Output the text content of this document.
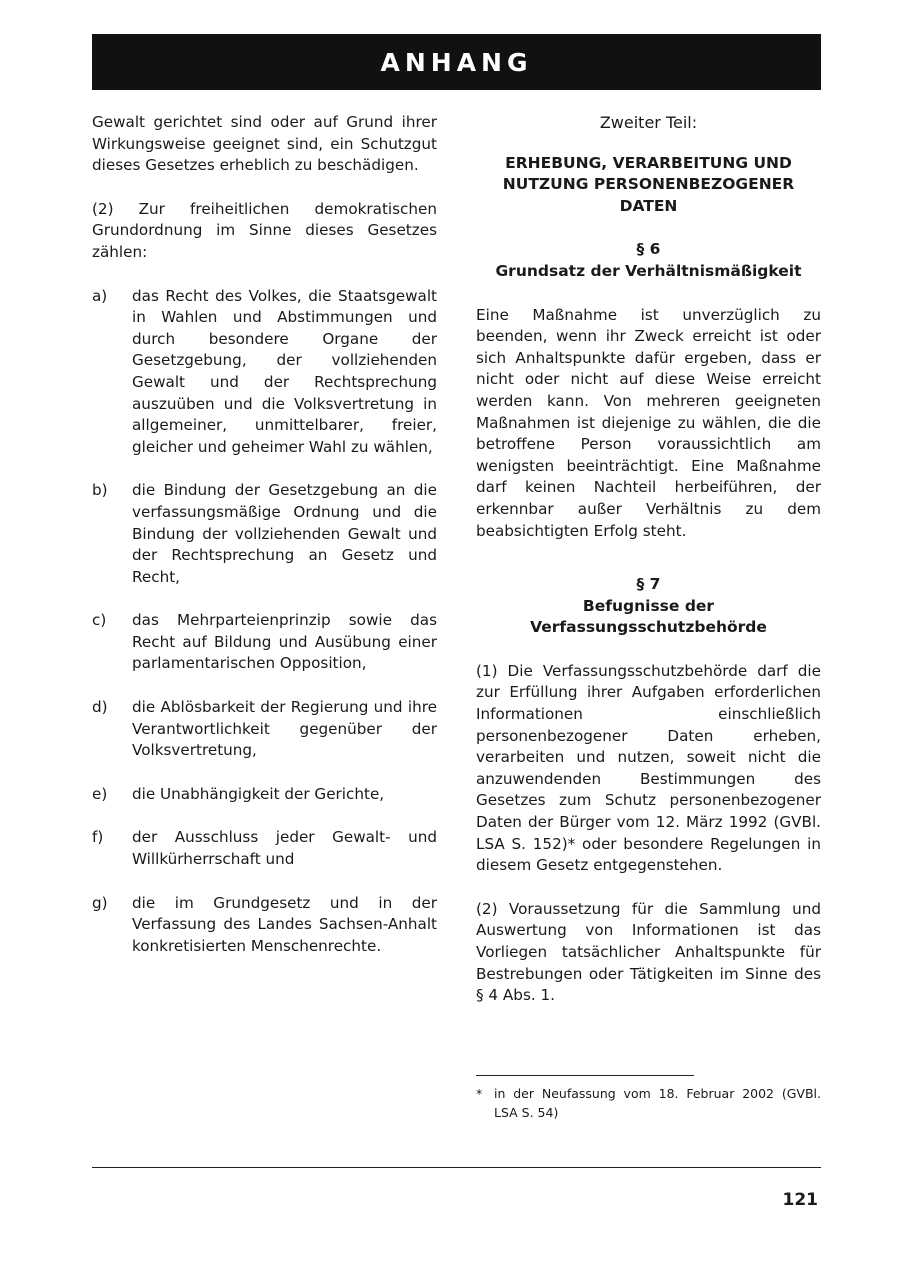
ANHANG

Gewalt gerichtet sind oder auf Grund ihrer Wirkungsweise geeignet sind, ein Schutzgut dieses Gesetzes erheblich zu beschädigen.

(2) Zur freiheitlichen demokratischen Grundordnung im Sinne dieses Gesetzes zählen:

a)	das Recht des Volkes, die Staatsgewalt in Wahlen und Abstimmungen und durch besondere Organe der Gesetzgebung, der vollziehenden Gewalt und der Rechtsprechung auszuüben und die Volksvertretung in allgemeiner, unmittelbarer, freier, gleicher und geheimer Wahl zu wählen,
b)	die Bindung der Gesetzgebung an die verfassungsmäßige Ordnung und die Bindung der vollziehenden Gewalt und der Rechtsprechung an Gesetz und Recht,
c)	das Mehrparteienprinzip sowie das Recht auf Bildung und Ausübung einer parlamentarischen Opposition,
d)	die Ablösbarkeit der Regierung und ihre Verantwortlichkeit gegenüber der Volksvertretung,
e)	die Unabhängigkeit der Gerichte,
f)	der Ausschluss jeder Gewalt- und Willkürherrschaft und
g)	die im Grundgesetz und in der Verfassung des Landes Sachsen-Anhalt konkretisierten Menschenrechte.

Zweiter Teil:

ERHEBUNG, VERARBEITUNG UND

NUTZUNG PERSONENBEZOGENER

DATEN

§ 6

Grundsatz der Verhältnismäßigkeit

Eine Maßnahme ist unverzüglich zu beenden, wenn ihr Zweck erreicht ist oder sich Anhaltspunkte dafür ergeben, dass er nicht oder nicht auf diese Weise erreicht werden kann. Von mehreren geeigneten Maßnahmen ist diejenige zu wählen, die die betroffene Person voraussichtlich am wenigsten beeinträchtigt. Eine Maßnahme darf keinen Nachteil herbeiführen, der erkennbar außer Verhältnis zu dem beabsichtigten Erfolg steht.

§ 7

Befugnisse der

Verfassungsschutzbehörde

(1) Die Verfassungsschutzbehörde darf die zur Erfüllung ihrer Aufgaben erforderlichen Informationen einschließlich personenbezogener Daten erheben, verarbeiten und nutzen, soweit nicht die anzuwendenden Bestimmungen des Gesetzes zum Schutz personenbezogener Daten der Bürger vom 12. März 1992 (GVBl. LSA S. 152)* oder besondere Regelungen in diesem Gesetz entgegenstehen.

(2) Voraussetzung für die Sammlung und Auswertung von Informationen ist das Vorliegen tatsächlicher Anhaltspunkte für Bestrebungen oder Tätigkeiten im Sinne des § 4 Abs. 1.

* in der Neufassung vom 18. Februar 2002 (GVBl. LSA S. 54)
121
